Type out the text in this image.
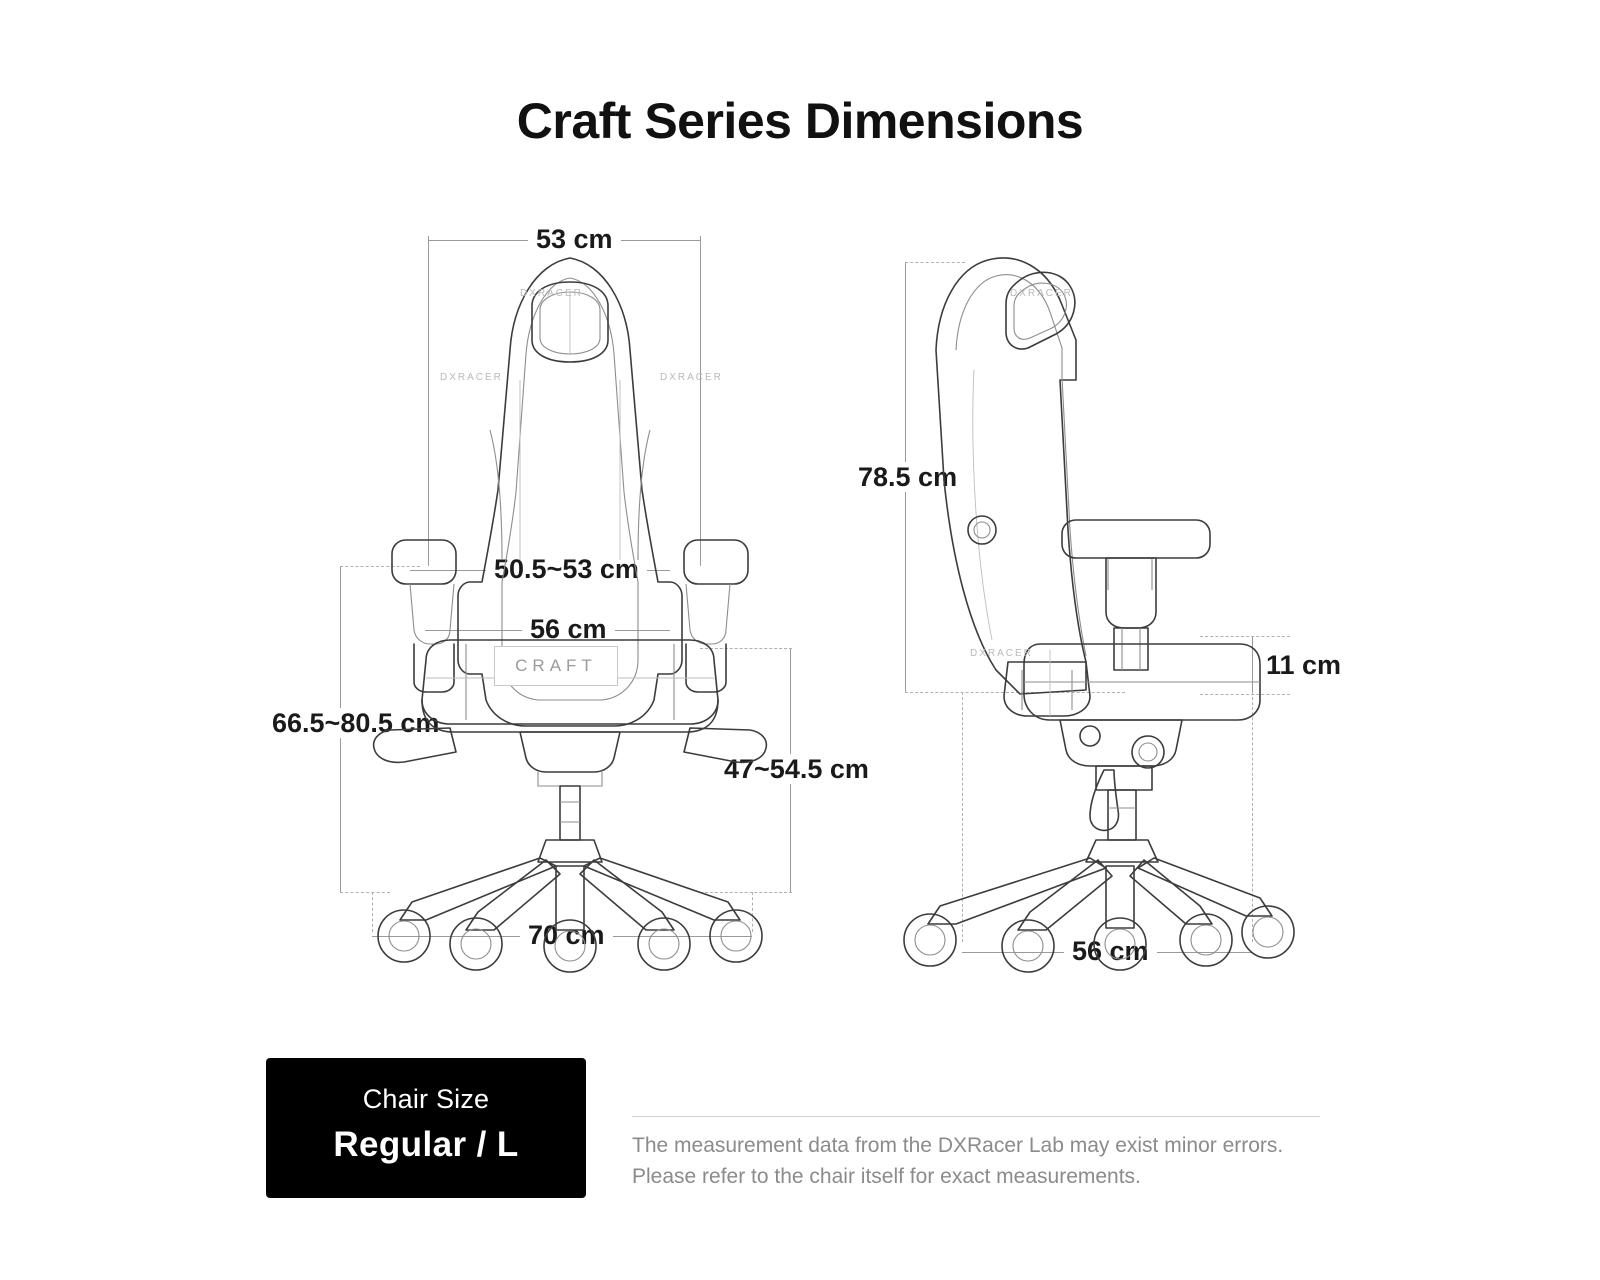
Craft Series Dimensions
53 cm
50.5~53 cm
56 cm
66.5~80.5 cm
47~54.5 cm
70 cm
DXRACER
DXRACER	DXRACER
CRAFT
78.5 cm
11 cm
56 cm
DXRACER
DXRACER
Chair Size
Regular / L	The measurement data from the DXRacer Lab may exist minor errors.
Please refer to the chair itself for exact measurements.
